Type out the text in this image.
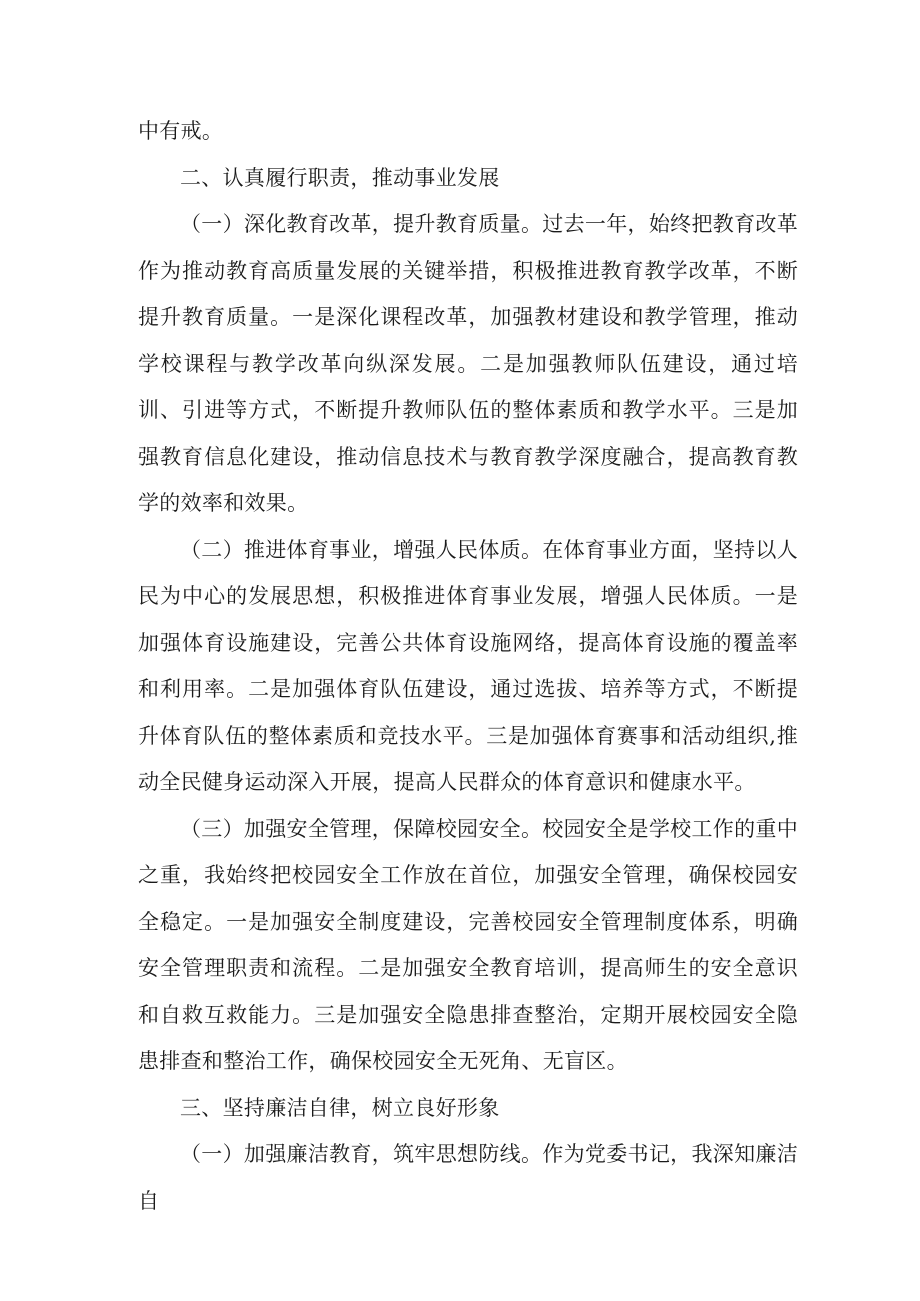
中有戒。

二、认真履行职责，推动事业发展

（一）深化教育改革，提升教育质量。过去一年，始终把教育改革作为推动教育高质量发展的关键举措，积极推进教育教学改革，不断提升教育质量。一是深化课程改革，加强教材建设和教学管理，推动学校课程与教学改革向纵深发展。二是加强教师队伍建设，通过培训、引进等方式，不断提升教师队伍的整体素质和教学水平。三是加强教育信息化建设，推动信息技术与教育教学深度融合，提高教育教学的效率和效果。

（二）推进体育事业，增强人民体质。在体育事业方面，坚持以人民为中心的发展思想，积极推进体育事业发展，增强人民体质。一是加强体育设施建设，完善公共体育设施网络，提高体育设施的覆盖率和利用率。二是加强体育队伍建设，通过选拔、培养等方式，不断提升体育队伍的整体素质和竞技水平。三是加强体育赛事和活动组织,推动全民健身运动深入开展，提高人民群众的体育意识和健康水平。

（三）加强安全管理，保障校园安全。校园安全是学校工作的重中之重，我始终把校园安全工作放在首位，加强安全管理，确保校园安全稳定。一是加强安全制度建设，完善校园安全管理制度体系，明确安全管理职责和流程。二是加强安全教育培训，提高师生的安全意识和自救互救能力。三是加强安全隐患排查整治，定期开展校园安全隐患排查和整治工作，确保校园安全无死角、无盲区。

三、坚持廉洁自律，树立良好形象

（一）加强廉洁教育，筑牢思想防线。作为党委书记，我深知廉洁自
